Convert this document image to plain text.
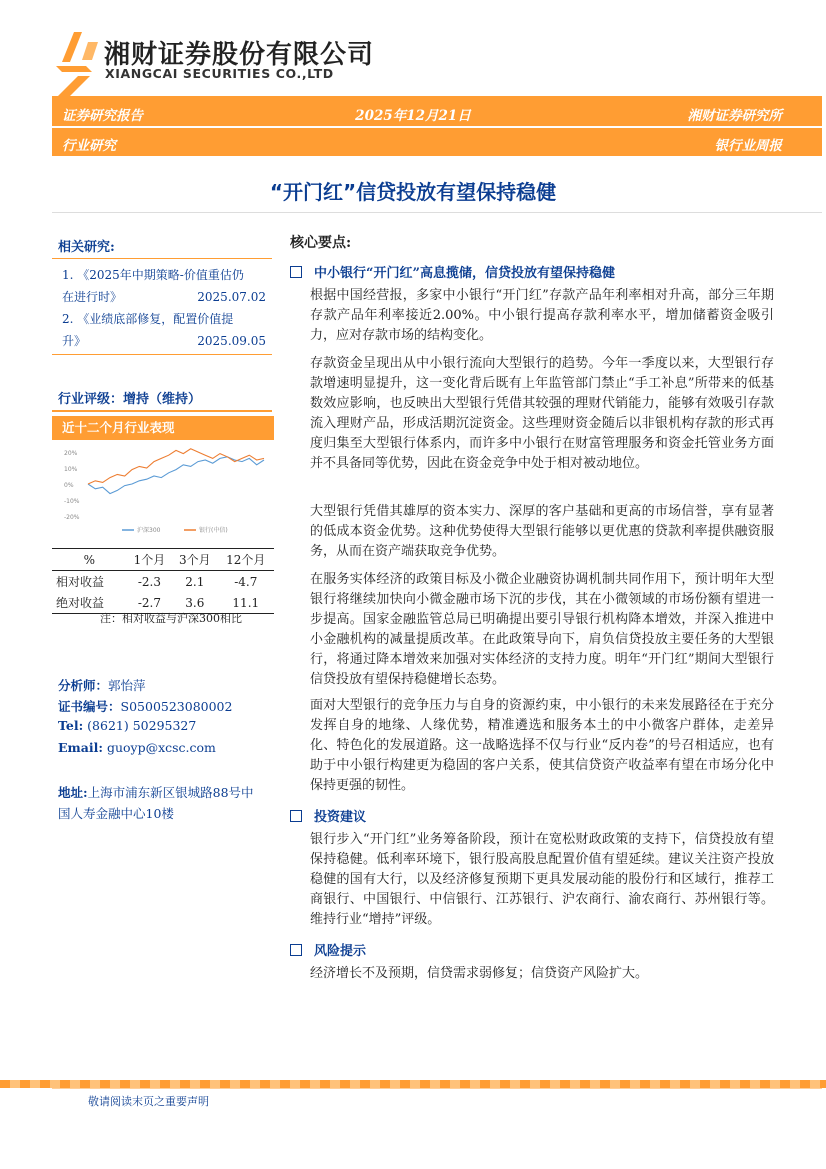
湘财证券股份有限公司
XIANGCAI SECURITIES CO.,LTD
证券研究报告	2025年12月21日	湘财证券研究所
行业研究	银行业周报
“开门红”信贷投放有望保持稳健
相关研究:
1. 《2025年中期策略-价值重估仍
在进行时》	2025.07.02
2. 《业绩底部修复，配置价值提
升》	2025.09.05
行业评级：增持（维持）
近十二个月行业表现
20%
10%
0%
-10%
-20%
沪深300	银行(中信)
%	1个月	3个月	12个月
相对收益	-2.3	2.1	-4.7
绝对收益	-2.7	3.6	11.1
注：相对收益与沪深300相比
分析师：郭怡萍
证书编号：S0500523080002
Tel: (8621) 50295327
Email: guoyp@xcsc.com
地址:上海市浦东新区银城路88号中
国人寿金融中心10楼
核心要点:
中小银行“开门红”高息揽储，信贷投放有望保持稳健
根据中国经营报，多家中小银行“开门红”存款产品年利率相对升高，部分三年期存款产品年利率接近2.00%。中小银行提高存款利率水平，增加储蓄资金吸引力，应对存款市场的结构变化。
存款资金呈现出从中小银行流向大型银行的趋势。今年一季度以来，大型银行存款增速明显提升，这一变化背后既有上年监管部门禁止“手工补息”所带来的低基数效应影响，也反映出大型银行凭借其较强的理财代销能力，能够有效吸引存款流入理财产品，形成活期沉淀资金。这些理财资金随后以非银机构存款的形式再度归集至大型银行体系内，而许多中小银行在财富管理服务和资金托管业务方面并不具备同等优势，因此在资金竞争中处于相对被动地位。
大型银行凭借其雄厚的资本实力、深厚的客户基础和更高的市场信誉，享有显著的低成本资金优势。这种优势使得大型银行能够以更优惠的贷款利率提供融资服务，从而在资产端获取竞争优势。
在服务实体经济的政策目标及小微企业融资协调机制共同作用下，预计明年大型银行将继续加快向小微金融市场下沉的步伐，其在小微领域的市场份额有望进一步提高。国家金融监管总局已明确提出要引导银行机构降本增效，并深入推进中小金融机构的减量提质改革。在此政策导向下，肩负信贷投放主要任务的大型银行，将通过降本增效来加强对实体经济的支持力度。明年“开门红”期间大型银行信贷投放有望保持稳健增长态势。
面对大型银行的竞争压力与自身的资源约束，中小银行的未来发展路径在于充分发挥自身的地缘、人缘优势，精准遴选和服务本土的中小微客户群体，走差异化、特色化的发展道路。这一战略选择不仅与行业“反内卷”的号召相适应，也有助于中小银行构建更为稳固的客户关系，使其信贷资产收益率有望在市场分化中保持更强的韧性。
投资建议
银行步入“开门红”业务筹备阶段，预计在宽松财政政策的支持下，信贷投放有望保持稳健。低利率环境下，银行股高股息配置价值有望延续。建议关注资产投放稳健的国有大行，以及经济修复预期下更具发展动能的股份行和区域行，推荐工商银行、中国银行、中信银行、江苏银行、沪农商行、渝农商行、苏州银行等。维持行业“增持”评级。
风险提示
经济增长不及预期，信贷需求弱修复；信贷资产风险扩大。
敬请阅读末页之重要声明
